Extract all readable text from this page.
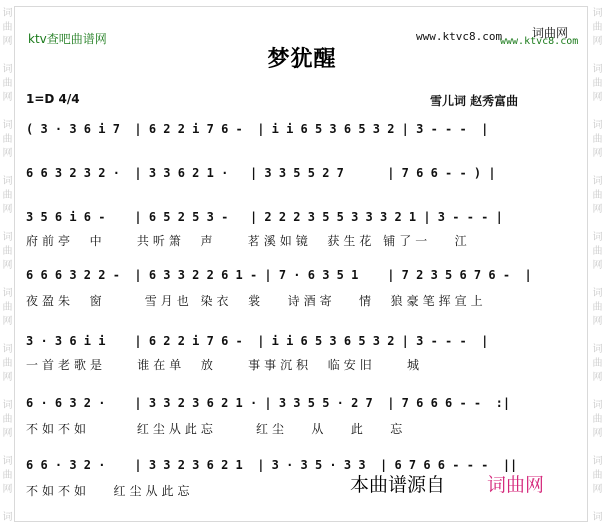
词
曲
网
词
曲
网
词
曲
网
词
曲
网
词
曲
网
词
曲
网
词
曲
网
词
曲
网
词
曲
网
词
词
曲
网
词
曲
网
词
曲
网
词
曲
网
词
曲
网
词
曲
网
词
曲
网
词
曲
网
词
曲
网
词
ktv查吧曲谱网	www.ktvc8.com
www.ktvc8.com
词曲网
梦犹醒
1=D 4/4	雪儿词 赵秀富曲
( 3 · 3 6 i 7  | 6 2 2 i 7 6 -  | i i 6 5 3 6 5 3 2 | 3 - - -  |
6 6 3 2 3 2 ·  | 3 3 6 2 1 ·   | 3 3 5 5 2 7      | 7 6 6 - - ) |
3 5 6 i 6 -    | 6 5 2 5 3 -   | 2 2 2 3 5 5 3 3 3 2 1 | 3 - - - |
府前亭  中    共听箫  声    茗溪如镜  获生花 铺了一   江
6 6 6 3 2 2 -  | 6 3 3 2 2 6 1 - | 7 · 6 3 5 1    | 7 2 3 5 6 7 6 -  |
夜盈朱  窗     雪月也 染衣  裳   诗酒寄   情  狼豪笔挥宣上
3 · 3 6 i i    | 6 2 2 i 7 6 -  | i i 6 5 3 6 5 3 2 | 3 - - -  |
一首老歌是    谁在单  放    事事沉积  临安旧    城
6 · 6 3 2 ·    | 3 3 2 3 6 2 1 · | 3 3 5 5 · 2 7  | 7 6 6 6 - -  :|
不如不如      红尘从此忘     红尘   从   此   忘
6 6 · 3 2 ·    | 3 3 2 3 6 2 1  | 3 · 3 5 · 3 3  | 6 7 6 6 - - -  ||
不如不如   红尘从此忘	本曲谱源自 词曲网
